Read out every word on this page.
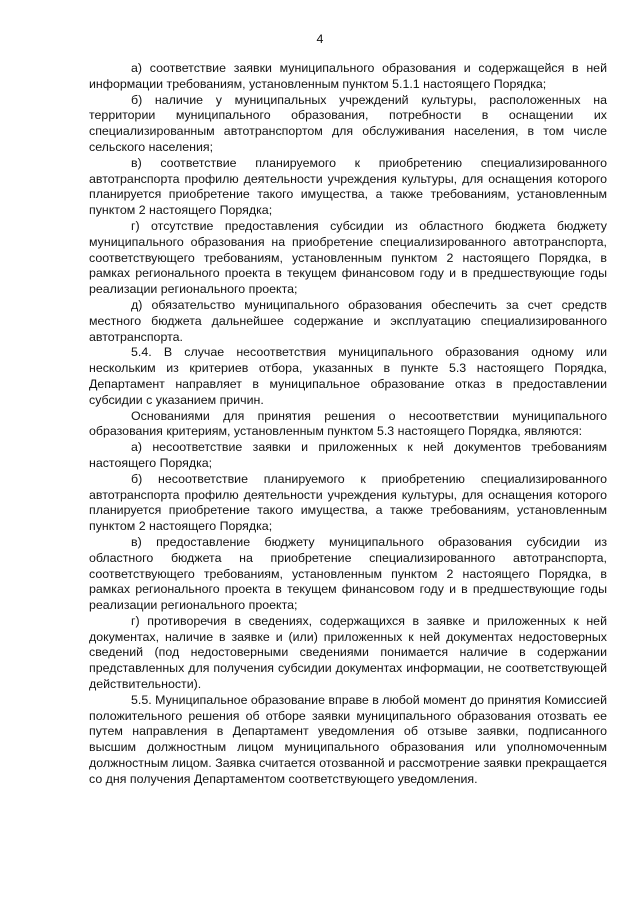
4

а) соответствие заявки муниципального образования и содержащейся в ней информации требованиям, установленным пунктом 5.1.1 настоящего Порядка;

б) наличие у муниципальных учреждений культуры, расположенных на территории муниципального образования, потребности в оснащении их специализированным автотранспортом для обслуживания населения, в том числе сельского населения;

в) соответствие планируемого к приобретению специализированного автотранспорта профилю деятельности учреждения культуры, для оснащения которого планируется приобретение такого имущества, а также требованиям, установленным пунктом 2 настоящего Порядка;

г) отсутствие предоставления субсидии из областного бюджета бюджету муниципального образования на приобретение специализированного автотранспорта, соответствующего требованиям, установленным пунктом 2 настоящего Порядка, в рамках регионального проекта в текущем финансовом году и в предшествующие годы реализации регионального проекта;

д) обязательство муниципального образования обеспечить за счет средств местного бюджета дальнейшее содержание и эксплуатацию специализированного автотранспорта.

5.4. В случае несоответствия муниципального образования одному или нескольким из критериев отбора, указанных в пункте 5.3 настоящего Порядка, Департамент направляет в муниципальное образование отказ в предоставлении субсидии с указанием причин.

Основаниями для принятия решения о несоответствии муниципального образования критериям, установленным пунктом 5.3 настоящего Порядка, являются:

а) несоответствие заявки и приложенных к ней документов требованиям настоящего Порядка;

б) несоответствие планируемого к приобретению специализированного автотранспорта профилю деятельности учреждения культуры, для оснащения которого планируется приобретение такого имущества, а также требованиям, установленным пунктом 2 настоящего Порядка;

в) предоставление бюджету муниципального образования субсидии из областного бюджета на приобретение специализированного автотранспорта, соответствующего требованиям, установленным пунктом 2 настоящего Порядка, в рамках регионального проекта в текущем финансовом году и в предшествующие годы реализации регионального проекта;

г) противоречия в сведениях, содержащихся в заявке и приложенных к ней документах, наличие в заявке и (или) приложенных к ней документах недостоверных сведений (под недостоверными сведениями понимается наличие в содержании представленных для получения субсидии документах информации, не соответствующей действительности).

5.5. Муниципальное образование вправе в любой момент до принятия Комиссией положительного решения об отборе заявки муниципального образования отозвать ее путем направления в Департамент уведомления об отзыве заявки, подписанного высшим должностным лицом муниципального образования или уполномоченным должностным лицом. Заявка считается отозванной и рассмотрение заявки прекращается со дня получения Департаментом соответствующего уведомления.
